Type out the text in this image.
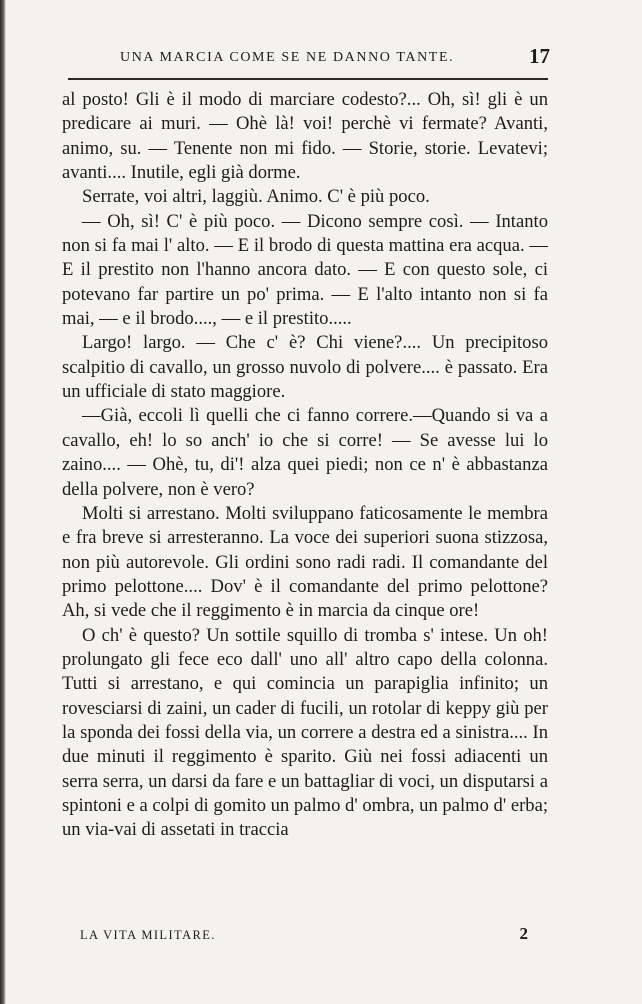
UNA MARCIA COME SE NE DANNO TANTE.	17

al posto! Gli è il modo di marciare codesto?... Oh, sì! gli è un predicare ai muri. — Ohè là! voi! perchè vi fermate? Avanti, animo, su. — Tenente non mi fido. — Storie, storie. Levatevi; avanti.... Inutile, egli già dorme.

Serrate, voi altri, laggiù. Animo. C' è più poco.

— Oh, sì! C' è più poco. — Dicono sempre così. — Intanto non si fa mai l' alto. — E il brodo di questa mattina era acqua. — E il prestito non l'hanno ancora dato. — E con questo sole, ci potevano far partire un po' prima. — E l'alto intanto non si fa mai, — e il brodo...., — e il prestito.....

Largo! largo. — Che c' è? Chi viene?.... Un precipitoso scalpitio di cavallo, un grosso nuvolo di polvere.... è passato. Era un ufficiale di stato maggiore.

—Già, eccoli lì quelli che ci fanno correre.—Quando si va a cavallo, eh! lo so anch' io che si corre! — Se avesse lui lo zaino.... — Ohè, tu, di'! alza quei piedi; non ce n' è abbastanza della polvere, non è vero?

Molti si arrestano. Molti sviluppano faticosamente le membra e fra breve si arresteranno. La voce dei superiori suona stizzosa, non più autorevole. Gli ordini sono radi radi. Il comandante del primo pelottone.... Dov' è il comandante del primo pelottone? Ah, si vede che il reggimento è in marcia da cinque ore!

O ch' è questo? Un sottile squillo di tromba s' intese. Un oh! prolungato gli fece eco dall' uno all' altro capo della colonna. Tutti si arrestano, e qui comincia un parapiglia infinito; un rovesciarsi di zaini, un cader di fucili, un rotolar di keppy giù per la sponda dei fossi della via, un correre a destra ed a sinistra.... In due minuti il reggimento è sparito. Giù nei fossi adiacenti un serra serra, un darsi da fare e un battagliar di voci, un disputarsi a spintoni e a colpi di gomito un palmo d' ombra, un palmo d' erba; un via-vai di assetati in traccia

LA VITA MILITARE.	2
